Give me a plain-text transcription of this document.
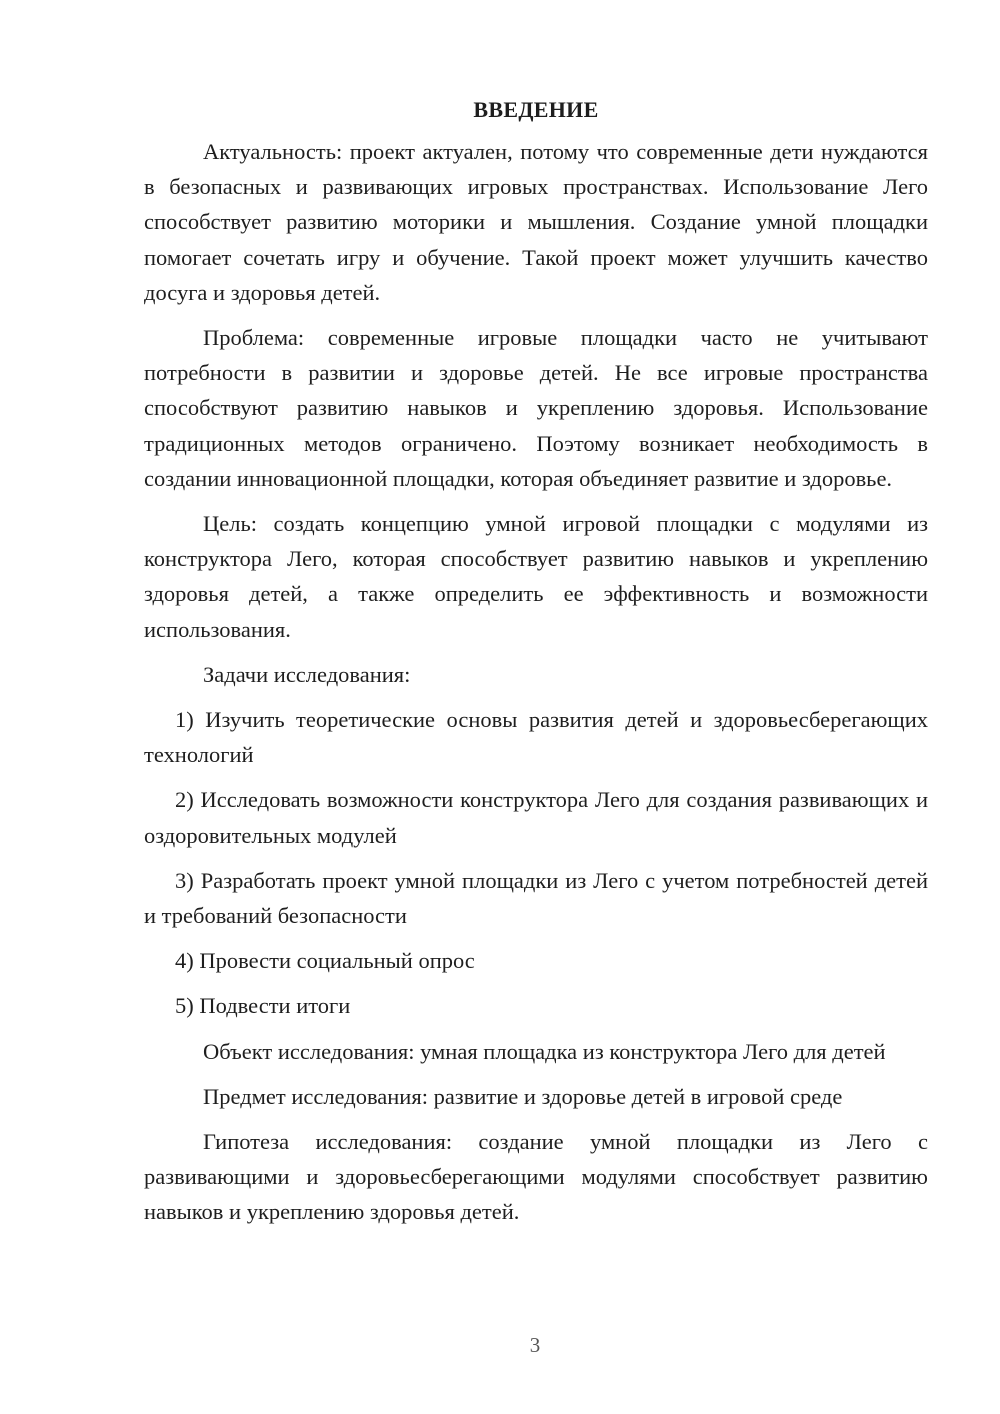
ВВЕДЕНИЕ

Актуальность: проект актуален, потому что современные дети нуждаются в безопасных и развивающих игровых пространствах. Использование Лего способствует развитию моторики и мышления. Создание умной площадки помогает сочетать игру и обучение. Такой проект может улучшить качество досуга и здоровья детей.

Проблема: современные игровые площадки часто не учитывают потребности в развитии и здоровье детей. Не все игровые пространства способствуют развитию навыков и укреплению здоровья. Использование традиционных методов ограничено. Поэтому возникает необходимость в создании инновационной площадки, которая объединяет развитие и здоровье.

Цель: создать концепцию умной игровой площадки с модулями из конструктора Лего, которая способствует развитию навыков и укреплению здоровья детей, а также определить ее эффективность и возможности использования.

Задачи исследования:

1) Изучить теоретические основы развития детей и здоровьесберегающих технологий

2) Исследовать возможности конструктора Лего для создания развивающих и оздоровительных модулей

3) Разработать проект умной площадки из Лего с учетом потребностей детей и требований безопасности

4) Провести социальный опрос

5) Подвести итоги

Объект исследования: умная площадка из конструктора Лего для детей

Предмет исследования: развитие и здоровье детей в игровой среде

Гипотеза исследования: создание умной площадки из Лего с развивающими и здоровьесберегающими модулями способствует развитию навыков и укреплению здоровья детей.

3
